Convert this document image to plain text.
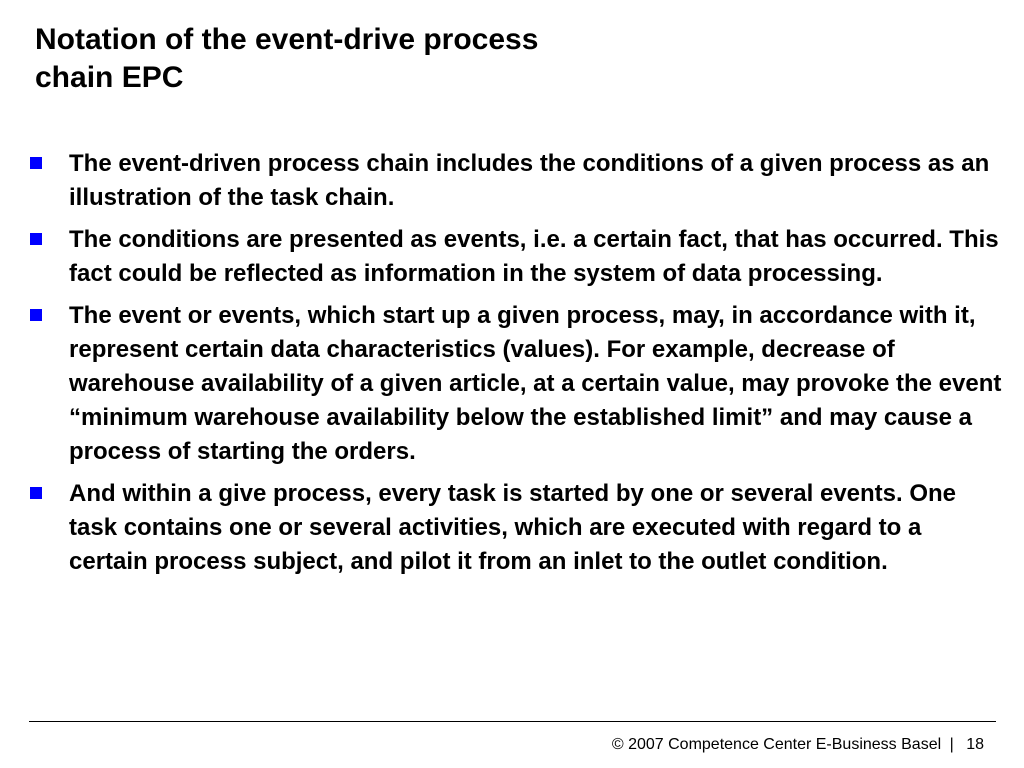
Notation of the event-drive process
chain EPC
The event-driven process chain includes the conditions of a given process as an illustration of the task chain.
The conditions are presented as events, i.e. a certain fact, that has occurred. This fact could be reflected as information in the system of data processing.
The event or events, which start up a given process, may, in accordance with it, represent certain data characteristics (values). For example, decrease of warehouse availability of a given article, at a certain value, may provoke the event “minimum warehouse availability below the established limit” and may cause a process of starting the orders.
And within a give process, every task is started by one or several events. One task contains one or several activities, which are executed with regard to a certain process subject, and pilot it from an inlet to the outlet condition.
© 2007 Competence Center E-Business Basel | 18
